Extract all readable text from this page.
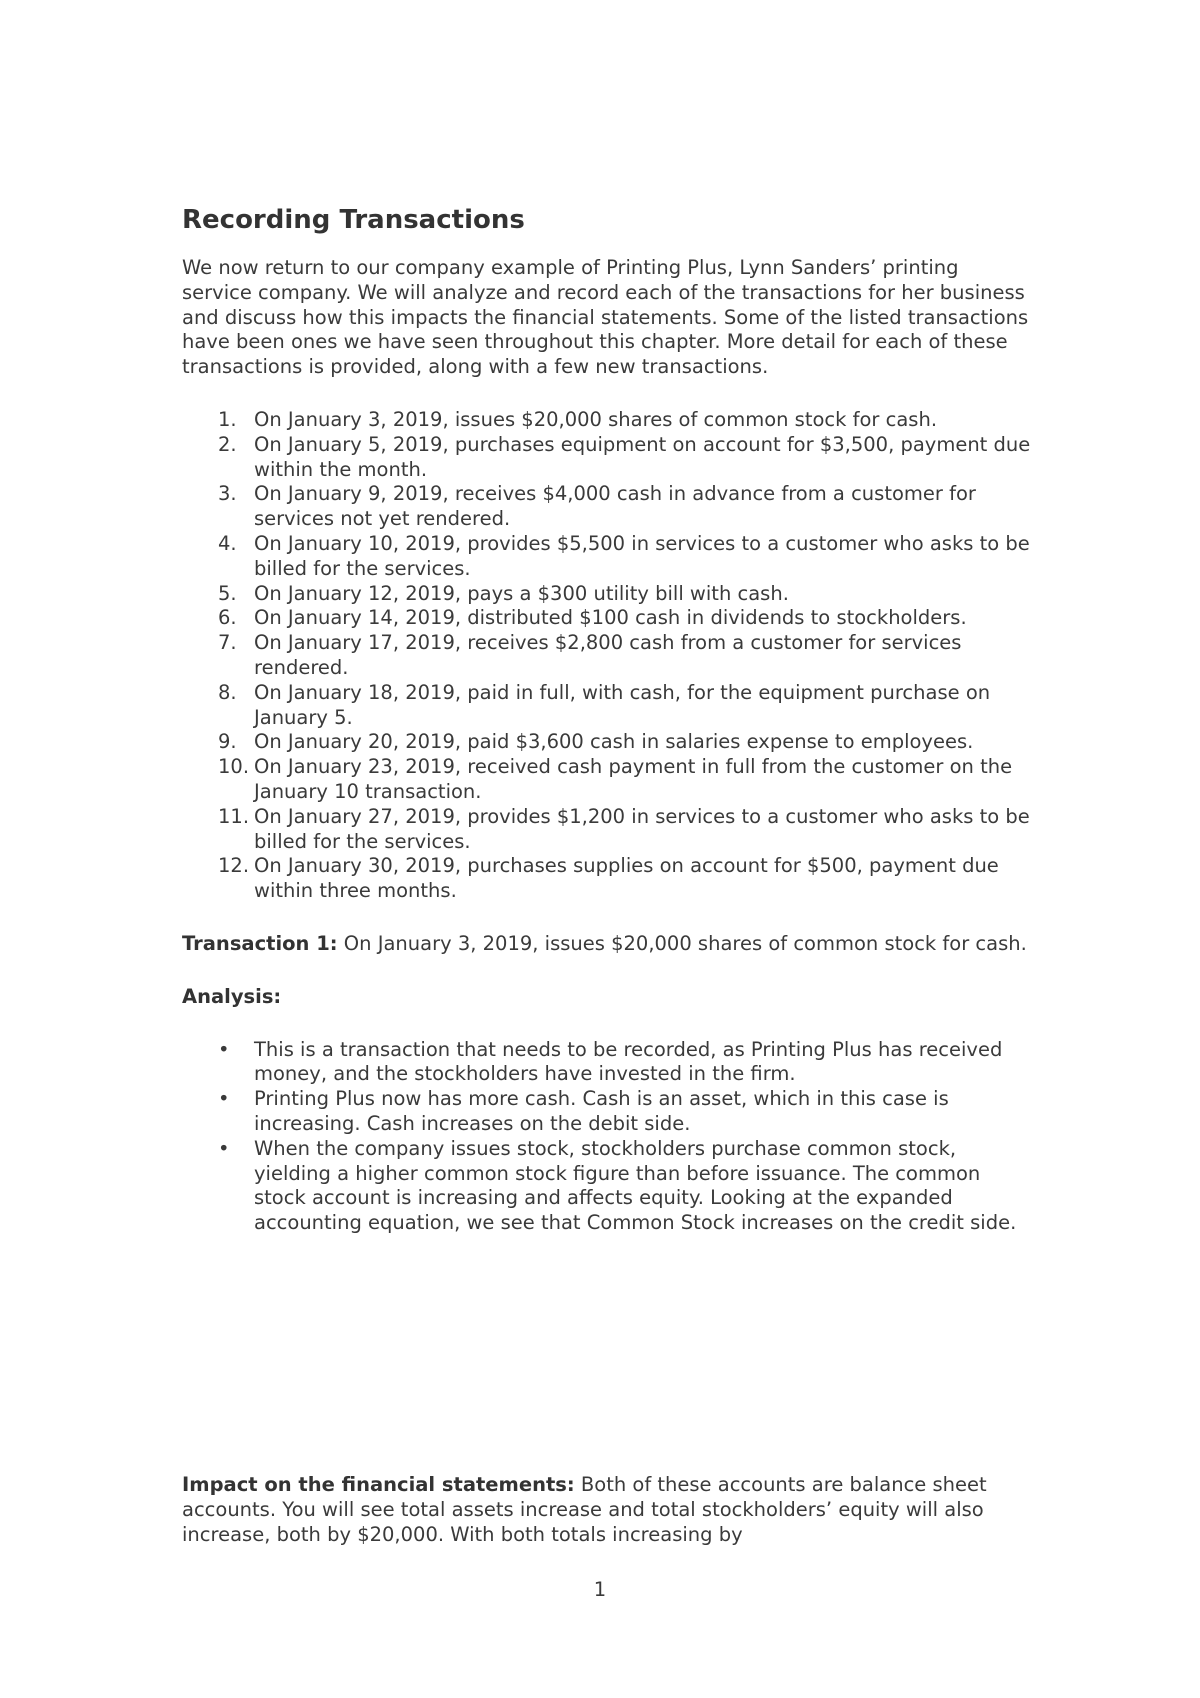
Recording Transactions

We now return to our company example of Printing Plus, Lynn Sanders’ printing service company. We will analyze and record each of the transactions for her business and discuss how this impacts the financial statements. Some of the listed transactions have been ones we have seen throughout this chapter. More detail for each of these transactions is provided, along with a few new transactions.

1. On January 3, 2019, issues $20,000 shares of common stock for cash.
2. On January 5, 2019, purchases equipment on account for $3,500, payment due within the month.
3. On January 9, 2019, receives $4,000 cash in advance from a customer for services not yet rendered.
4. On January 10, 2019, provides $5,500 in services to a customer who asks to be billed for the services.
5. On January 12, 2019, pays a $300 utility bill with cash.
6. On January 14, 2019, distributed $100 cash in dividends to stockholders.
7. On January 17, 2019, receives $2,800 cash from a customer for services rendered.
8. On January 18, 2019, paid in full, with cash, for the equipment purchase on January 5.
9. On January 20, 2019, paid $3,600 cash in salaries expense to employees.
10. On January 23, 2019, received cash payment in full from the customer on the January 10 transaction.
11. On January 27, 2019, provides $1,200 in services to a customer who asks to be billed for the services.
12. On January 30, 2019, purchases supplies on account for $500, payment due within three months.

Transaction 1: On January 3, 2019, issues $20,000 shares of common stock for cash.

Analysis:

•	This is a transaction that needs to be recorded, as Printing Plus has received money, and the stockholders have invested in the firm.
•	Printing Plus now has more cash. Cash is an asset, which in this case is increasing. Cash increases on the debit side.
•	When the company issues stock, stockholders purchase common stock, yielding a higher common stock figure than before issuance. The common stock account is increasing and affects equity. Looking at the expanded accounting equation, we see that Common Stock increases on the credit side.

Impact on the financial statements: Both of these accounts are balance sheet accounts. You will see total assets increase and total stockholders’ equity will also increase, both by $20,000. With both totals increasing by

1
